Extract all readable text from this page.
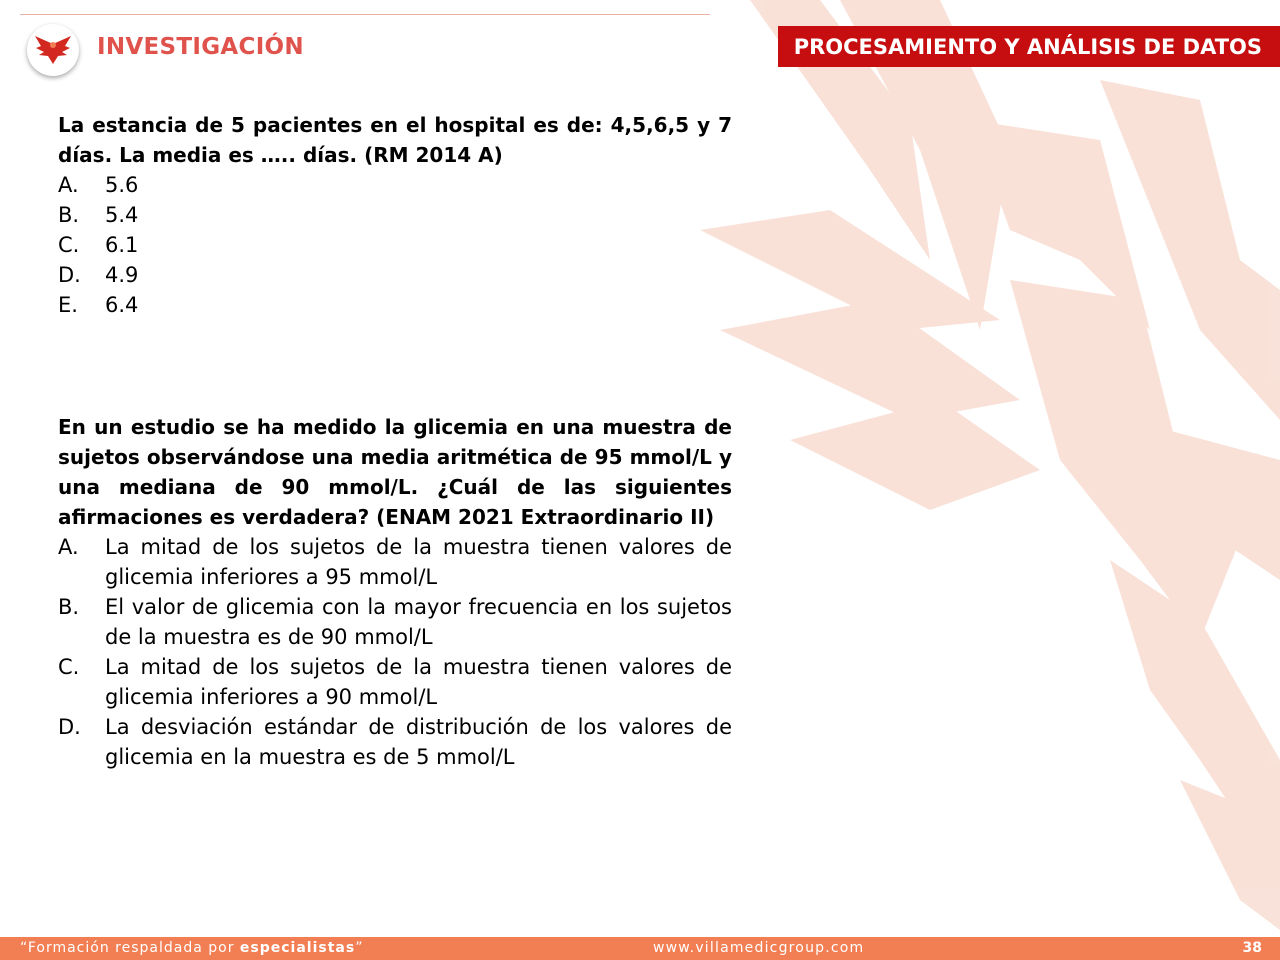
INVESTIGACIÓN	PROCESAMIENTO Y ANÁLISIS DE DATOS

La estancia de 5 pacientes en el hospital es de: 4,5,6,5 y 7 días. La media es ….. días. (RM 2014 A)

A.	5.6
B.	5.4
C.	6.1
D.	4.9
E.	6.4

En un estudio se ha medido la glicemia en una muestra de sujetos observándose una media aritmética de 95 mmol/L y una mediana de 90 mmol/L. ¿Cuál de las siguientes afirmaciones es verdadera? (ENAM 2021 Extraordinario II)

A.	La mitad de los sujetos de la muestra tienen valores de glicemia inferiores a 95 mmol/L
B.	El valor de glicemia con la mayor frecuencia en los sujetos de la muestra es de 90 mmol/L
C.	La mitad de los sujetos de la muestra tienen valores de glicemia inferiores a 90 mmol/L
D.	La desviación estándar de distribución de los valores de glicemia en la muestra es de 5 mmol/L
“Formación respaldada por especialistas”	www.villamedicgroup.com	38
